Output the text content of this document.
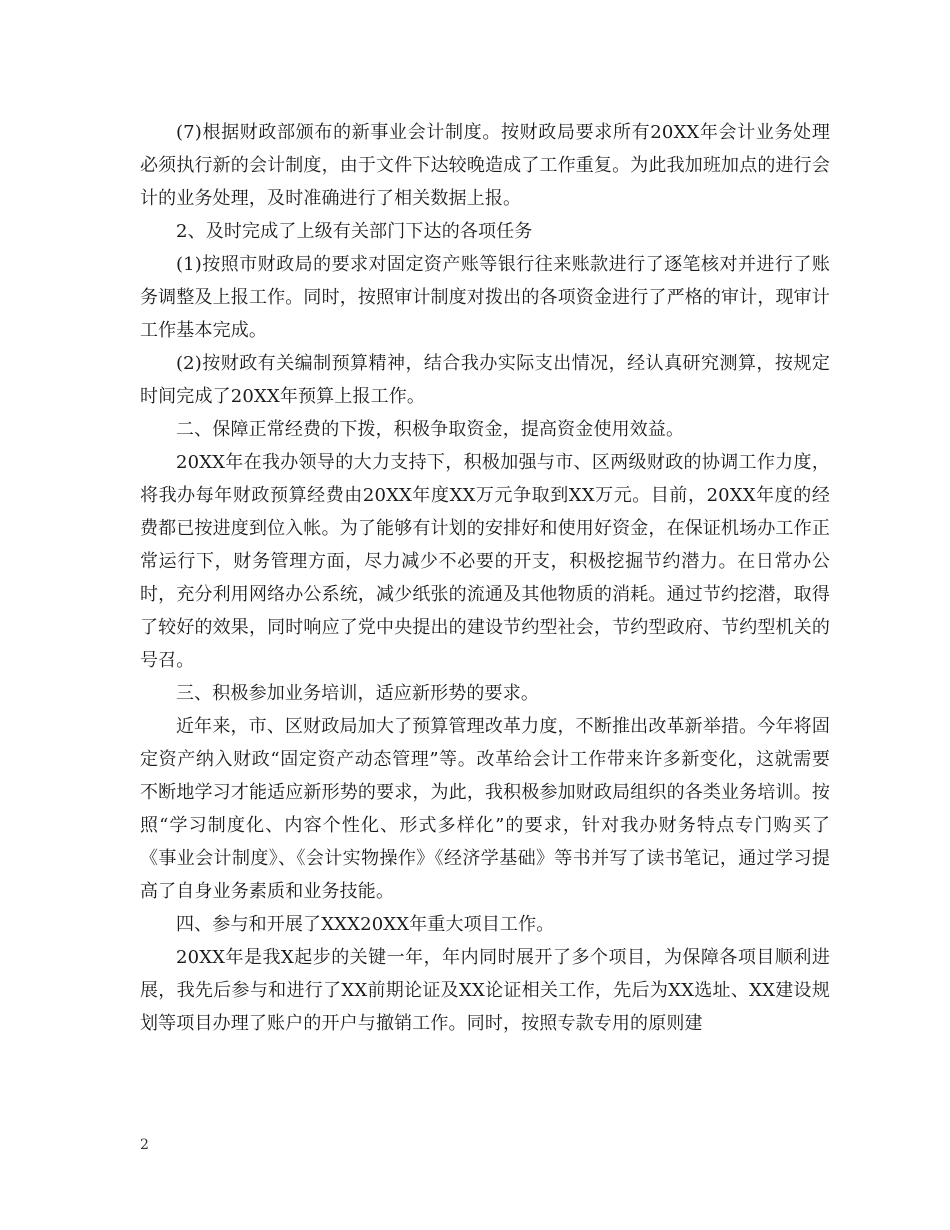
(7)根据财政部颁布的新事业会计制度。按财政局要求所有20XX年会计业务处理必须执行新的会计制度，由于文件下达较晚造成了工作重复。为此我加班加点的进行会计的业务处理，及时准确进行了相关数据上报。

2、及时完成了上级有关部门下达的各项任务

(1)按照市财政局的要求对固定资产账等银行往来账款进行了逐笔核对并进行了账务调整及上报工作。同时，按照审计制度对拨出的各项资金进行了严格的审计，现审计工作基本完成。

(2)按财政有关编制预算精神，结合我办实际支出情况，经认真研究测算，按规定时间完成了20XX年预算上报工作。

二、保障正常经费的下拨，积极争取资金，提高资金使用效益。

20XX年在我办领导的大力支持下，积极加强与市、区两级财政的协调工作力度，将我办每年财政预算经费由20XX年度XX万元争取到XX万元。目前，20XX年度的经费都已按进度到位入帐。为了能够有计划的安排好和使用好资金，在保证机场办工作正常运行下，财务管理方面，尽力减少不必要的开支，积极挖掘节约潜力。在日常办公时，充分利用网络办公系统，减少纸张的流通及其他物质的消耗。通过节约挖潜，取得了较好的效果，同时响应了党中央提出的建设节约型社会，节约型政府、节约型机关的号召。

三、积极参加业务培训，适应新形势的要求。

近年来，市、区财政局加大了预算管理改革力度，不断推出改革新举措。今年将固定资产纳入财政“固定资产动态管理”等。改革给会计工作带来许多新变化，这就需要不断地学习才能适应新形势的要求，为此，我积极参加财政局组织的各类业务培训。按照“学习制度化、内容个性化、形式多样化”的要求，针对我办财务特点专门购买了《事业会计制度》、《会计实物操作》《经济学基础》等书并写了读书笔记，通过学习提高了自身业务素质和业务技能。

四、参与和开展了XXX20XX年重大项目工作。

20XX年是我X起步的关键一年，年内同时展开了多个项目，为保障各项目顺利进展，我先后参与和进行了XX前期论证及XX论证相关工作，先后为XX选址、XX建设规划等项目办理了账户的开户与撤销工作。同时，按照专款专用的原则建

2
